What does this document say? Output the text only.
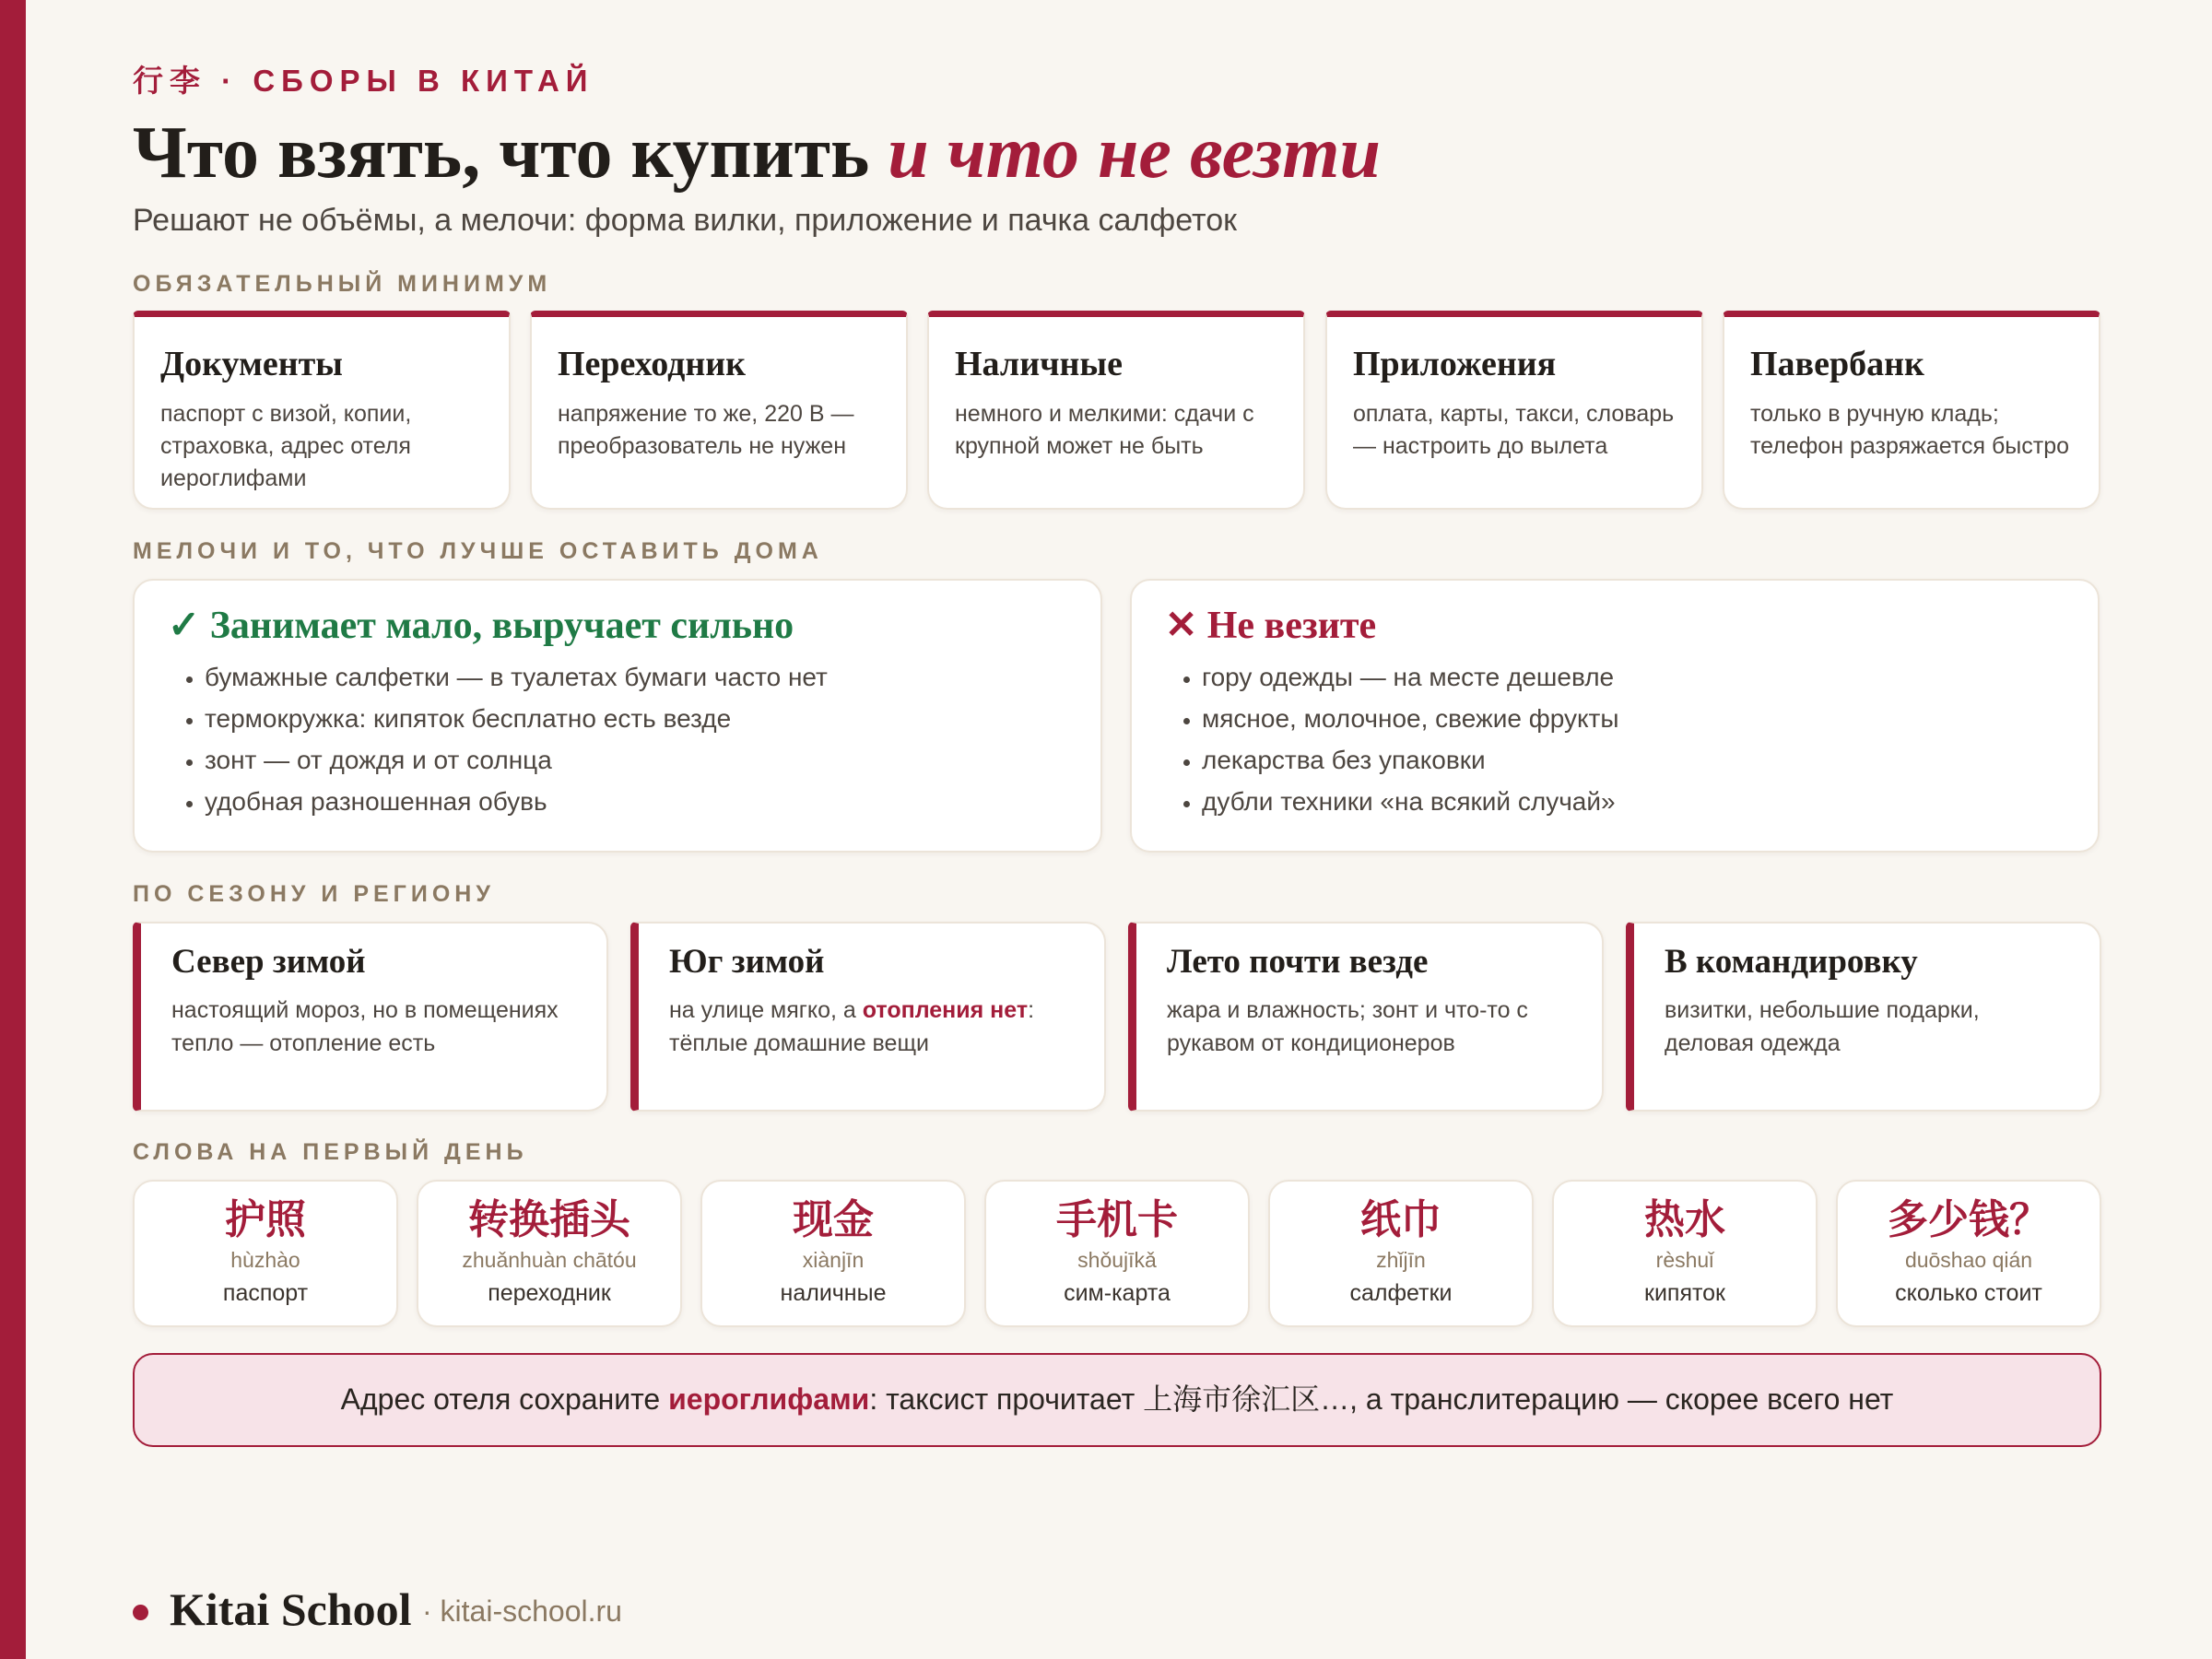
行李 · СБОРЫ В КИТАЙ
Что взять, что купить и что не везти
Решают не объёмы, а мелочи: форма вилки, приложение и пачка салфеток
ОБЯЗАТЕЛЬНЫЙ МИНИМУМ
Документы
паспорт с визой, копии, страховка, адрес отеля иероглифами
Переходник
напряжение то же, 220 В — преобразователь не нужен
Наличные
немного и мелкими: сдачи с крупной может не быть
Приложения
оплата, карты, такси, словарь — настроить до вылета
Павербанк
только в ручную кладь; телефон разряжается быстро
МЕЛОЧИ И ТО, ЧТО ЛУЧШЕ ОСТАВИТЬ ДОМА
✓ Занимает мало, выручает сильно
• бумажные салфетки — в туалетах бумаги часто нет
• термокружка: кипяток бесплатно есть везде
• зонт — от дождя и от солнца
• удобная разношенная обувь
✕ Не везите
• гору одежды — на месте дешевле
• мясное, молочное, свежие фрукты
• лекарства без упаковки
• дубли техники «на всякий случай»
ПО СЕЗОНУ И РЕГИОНУ
Север зимой
настоящий мороз, но в помещениях тепло — отопление есть
Юг зимой
на улице мягко, а отопления нет: тёплые домашние вещи
Лето почти везде
жара и влажность; зонт и что-то с рукавом от кондиционеров
В командировку
визитки, небольшие подарки, деловая одежда
СЛОВА НА ПЕРВЫЙ ДЕНЬ
护照
hùzhào
паспорт
转换插头
zhuǎnhuàn chātóu
переходник
现金
xiànjīn
наличные
手机卡
shǒujīkǎ
сим-карта
纸巾
zhǐjīn
салфетки
热水
rèshuǐ
кипяток
多少钱？
duōshao qián
сколько стоит
Адрес отеля сохраните иероглифами: таксист прочитает 上海市徐汇区…, а транслитерацию — скорее всего нет
Kitai School · kitai-school.ru
